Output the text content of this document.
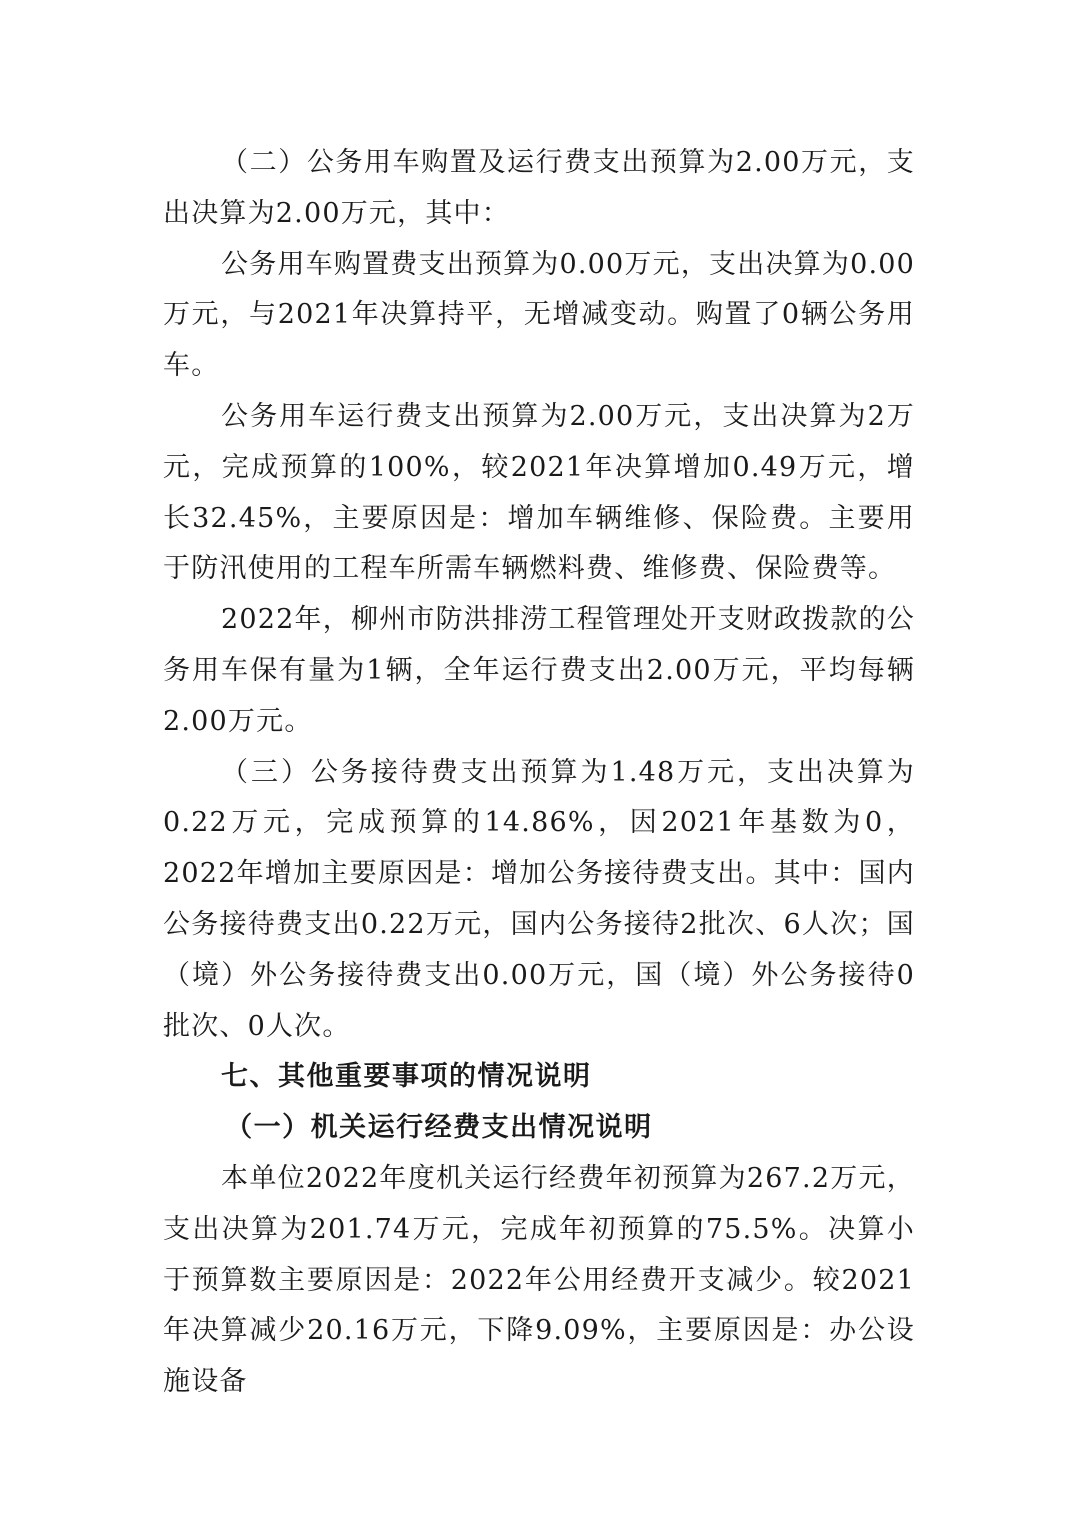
（二）公务用车购置及运行费支出预算为2.00万元，支出决算为2.00万元，其中：

公务用车购置费支出预算为0.00万元，支出决算为0.00万元，与2021年决算持平，无增减变动。购置了0辆公务用车。

公务用车运行费支出预算为2.00万元，支出决算为2万元，完成预算的100%，较2021年决算增加0.49万元，增长32.45%，主要原因是：增加车辆维修、保险费。主要用于防汛使用的工程车所需车辆燃料费、维修费、保险费等。

2022年，柳州市防洪排涝工程管理处开支财政拨款的公务用车保有量为1辆，全年运行费支出2.00万元，平均每辆2.00万元。

（三）公务接待费支出预算为1.48万元，支出决算为0.22万元，完成预算的14.86%，因2021年基数为0，2022年增加主要原因是：增加公务接待费支出。其中：国内公务接待费支出0.22万元，国内公务接待2批次、6人次；国（境）外公务接待费支出0.00万元，国（境）外公务接待0批次、0人次。

七、其他重要事项的情况说明

（一）机关运行经费支出情况说明

本单位2022年度机关运行经费年初预算为267.2万元，支出决算为201.74万元，完成年初预算的75.5%。决算小于预算数主要原因是：2022年公用经费开支减少。较2021年决算减少20.16万元，下降9.09%，主要原因是：办公设施设备
